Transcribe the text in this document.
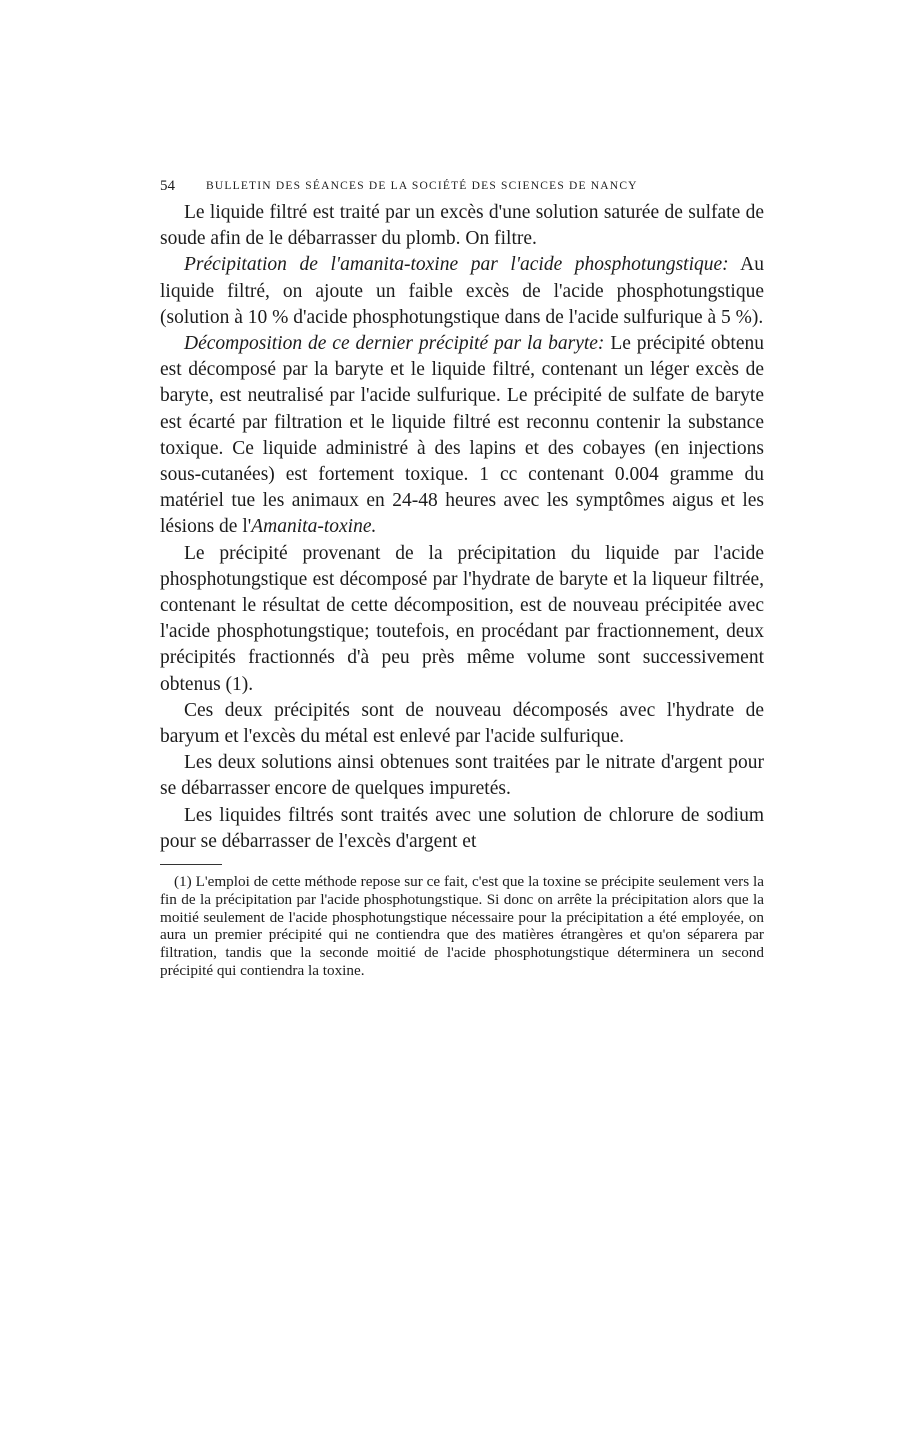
54	BULLETIN DES SÉANCES DE LA SOCIÉTÉ DES SCIENCES DE NANCY

Le liquide filtré est traité par un excès d'une solution saturée de sulfate de soude afin de le débarrasser du plomb. On filtre.

Précipitation de l'amanita-toxine par l'acide phosphotungstique: Au liquide filtré, on ajoute un faible excès de l'acide phosphotungstique (solution à 10 % d'acide phosphotungstique dans de l'acide sulfurique à 5 %).

Décomposition de ce dernier précipité par la baryte: Le précipité obtenu est décomposé par la baryte et le liquide filtré, contenant un léger excès de baryte, est neutralisé par l'acide sulfurique. Le précipité de sulfate de baryte est écarté par filtration et le liquide filtré est reconnu contenir la substance toxique. Ce liquide administré à des lapins et des cobayes (en injections sous-cutanées) est fortement toxique. 1 cc contenant 0.004 gramme du matériel tue les animaux en 24-48 heures avec les symptômes aigus et les lésions de l'Amanita-toxine.

Le précipité provenant de la précipitation du liquide par l'acide phosphotungstique est décomposé par l'hydrate de baryte et la liqueur filtrée, contenant le résultat de cette décomposition, est de nouveau précipitée avec l'acide phosphotungstique; toutefois, en procédant par fractionnement, deux précipités fractionnés d'à peu près même volume sont successivement obtenus (1).

Ces deux précipités sont de nouveau décomposés avec l'hydrate de baryum et l'excès du métal est enlevé par l'acide sulfurique.

Les deux solutions ainsi obtenues sont traitées par le nitrate d'argent pour se débarrasser encore de quelques impuretés.

Les liquides filtrés sont traités avec une solution de chlorure de sodium pour se débarrasser de l'excès d'argent et

(1) L'emploi de cette méthode repose sur ce fait, c'est que la toxine se précipite seulement vers la fin de la précipitation par l'acide phosphotungstique. Si donc on arrête la précipitation alors que la moitié seulement de l'acide phosphotungstique nécessaire pour la précipitation a été employée, on aura un premier précipité qui ne contiendra que des matières étrangères et qu'on séparera par filtration, tandis que la seconde moitié de l'acide phosphotungstique déterminera un second précipité qui contiendra la toxine.
